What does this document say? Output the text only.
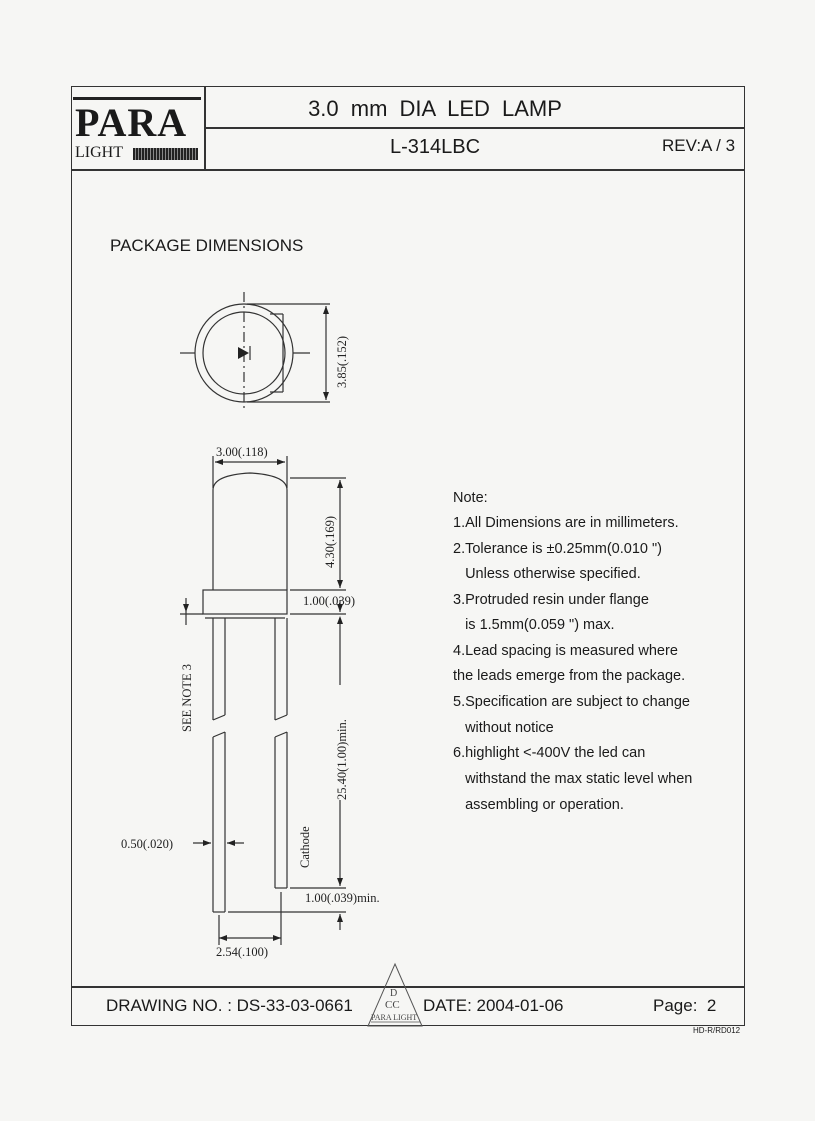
PARA
LIGHT
3.0 mm DIA LED LAMP
L-314LBC	REV:A / 3
PACKAGE DIMENSIONS
3.85(.152)
3.00(.118)
4.30(.169)
1.00(.039)
SEE NOTE 3
25.40(1.00)min.
Cathode
0.50(.020)
1.00(.039)min.
2.54(.100)
Note:
1.All Dimensions are in millimeters.
2.Tolerance is ±0.25mm(0.010 ")
Unless otherwise specified.
3.Protruded resin under flange
is 1.5mm(0.059 ") max.
4.Lead spacing is measured where
the leads emerge from the package.
5.Specification are subject to change
without notice
6.highlight <-400V the led can
withstand the max static level when
assembling or operation.
D
CC
PARA LIGHT
DRAWING NO. : DS-33-03-0661	DATE: 2004-01-06	Page:  2
HD-R/RD012
